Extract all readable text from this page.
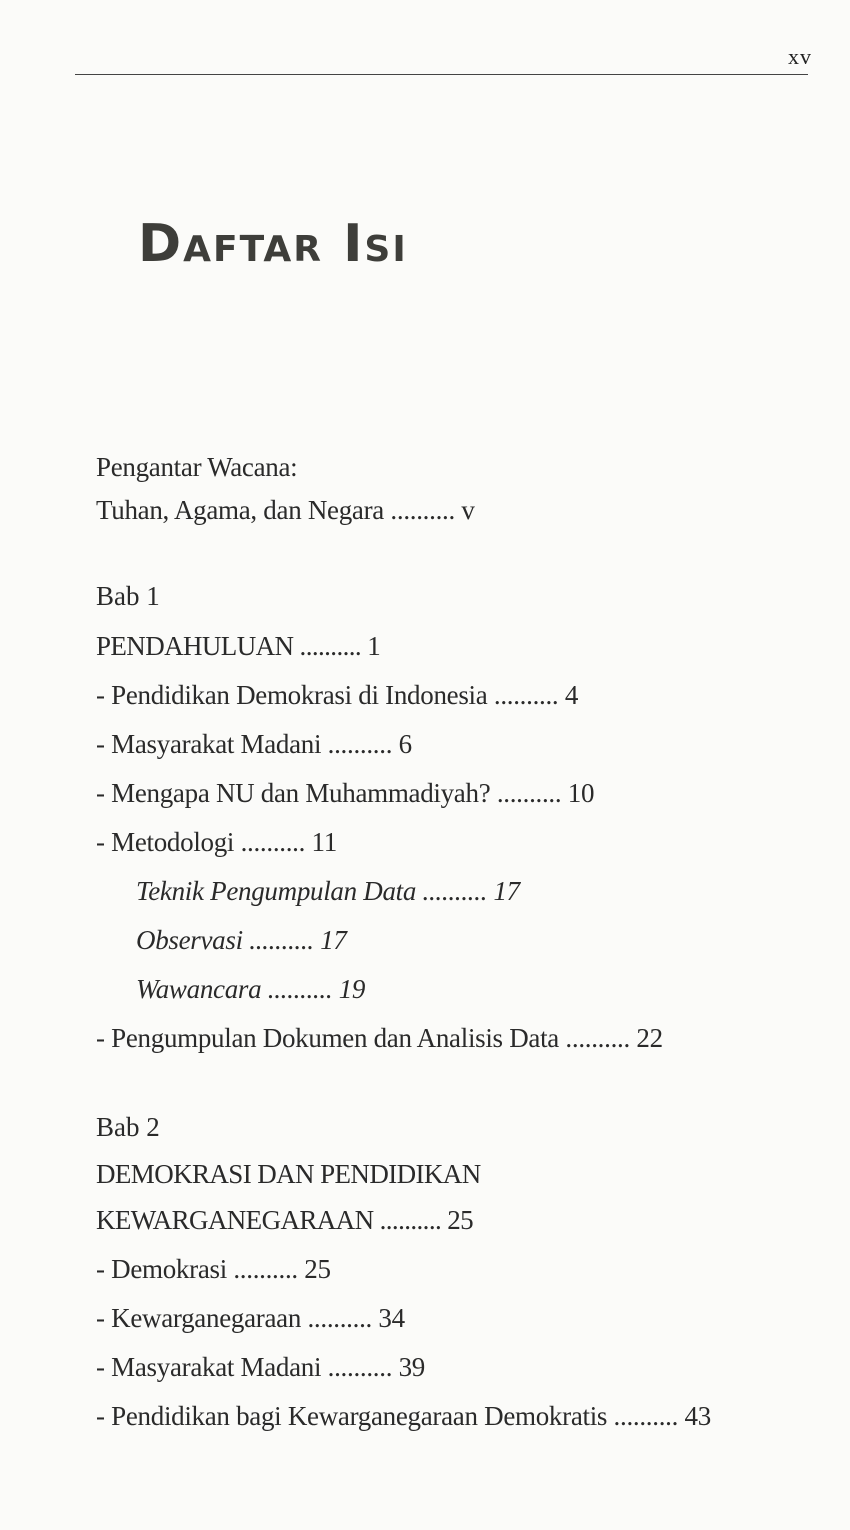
xv
Daftar Isi
Pengantar Wacana:
Tuhan, Agama, dan Negara .......... v
Bab 1
PENDAHULUAN .......... 1
- Pendidikan Demokrasi di Indonesia .......... 4
- Masyarakat Madani .......... 6
- Mengapa NU dan Muhammadiyah? .......... 10
- Metodologi .......... 11
Teknik Pengumpulan Data .......... 17
Observasi .......... 17
Wawancara .......... 19
- Pengumpulan Dokumen dan Analisis Data .......... 22
Bab 2
DEMOKRASI DAN PENDIDIKAN
KEWARGANEGARAAN .......... 25
- Demokrasi .......... 25
- Kewarganegaraan .......... 34
- Masyarakat Madani .......... 39
- Pendidikan bagi Kewarganegaraan Demokratis .......... 43
